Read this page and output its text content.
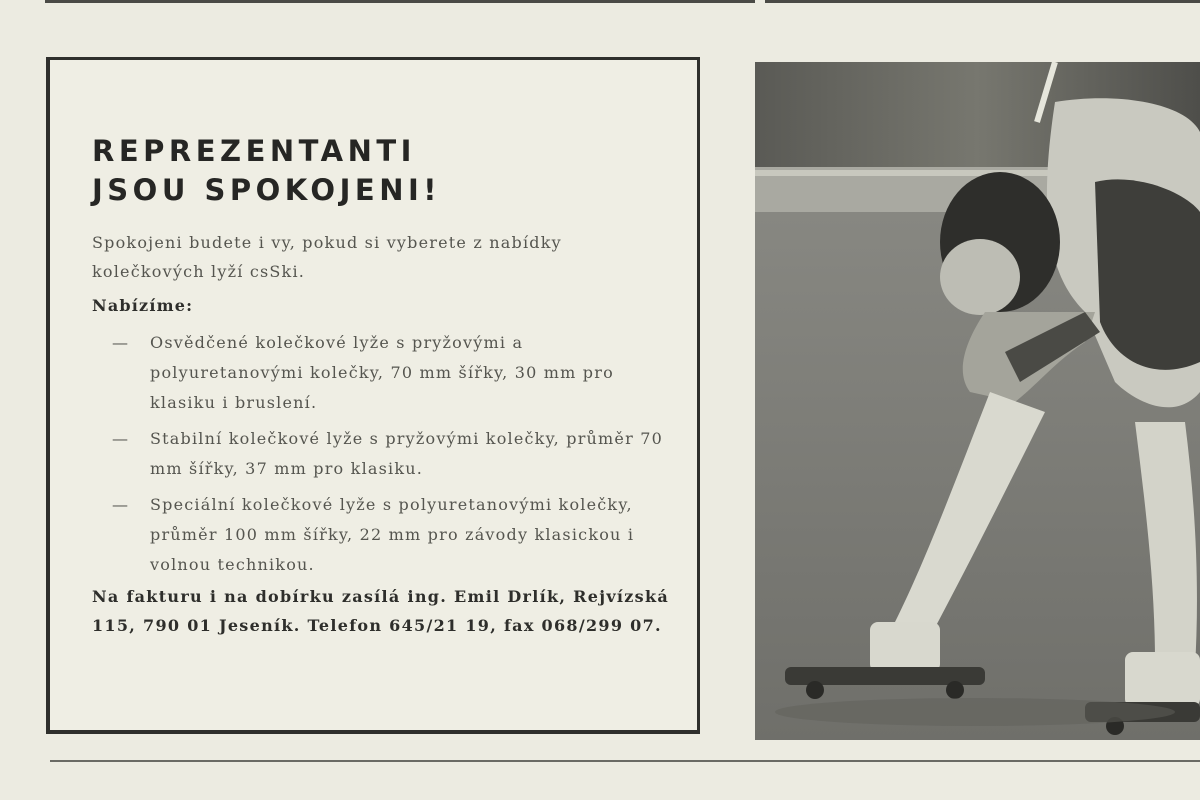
REPREZENTANTI
JSOU SPOKOJENI!

Spokojeni budete i vy, pokud si vyberete z nabídky kolečkových lyží csSki.

Nabízíme:

— Osvědčené kolečkové lyže s pryžovými a polyuretanovými kolečky, 70 mm šířky, 30 mm pro klasiku i bruslení.
— Stabilní kolečkové lyže s pryžovými kolečky, průměr 70 mm šířky, 37 mm pro klasiku.
— Speciální kolečkové lyže s polyuretanovými kolečky, průměr 100 mm šířky, 22 mm pro závody klasickou i volnou technikou.

Na fakturu i na dobírku zasílá ing. Emil Drlík, Rejvízská 115, 790 01 Jeseník. Telefon 645/21 19, fax 068/299 07.
